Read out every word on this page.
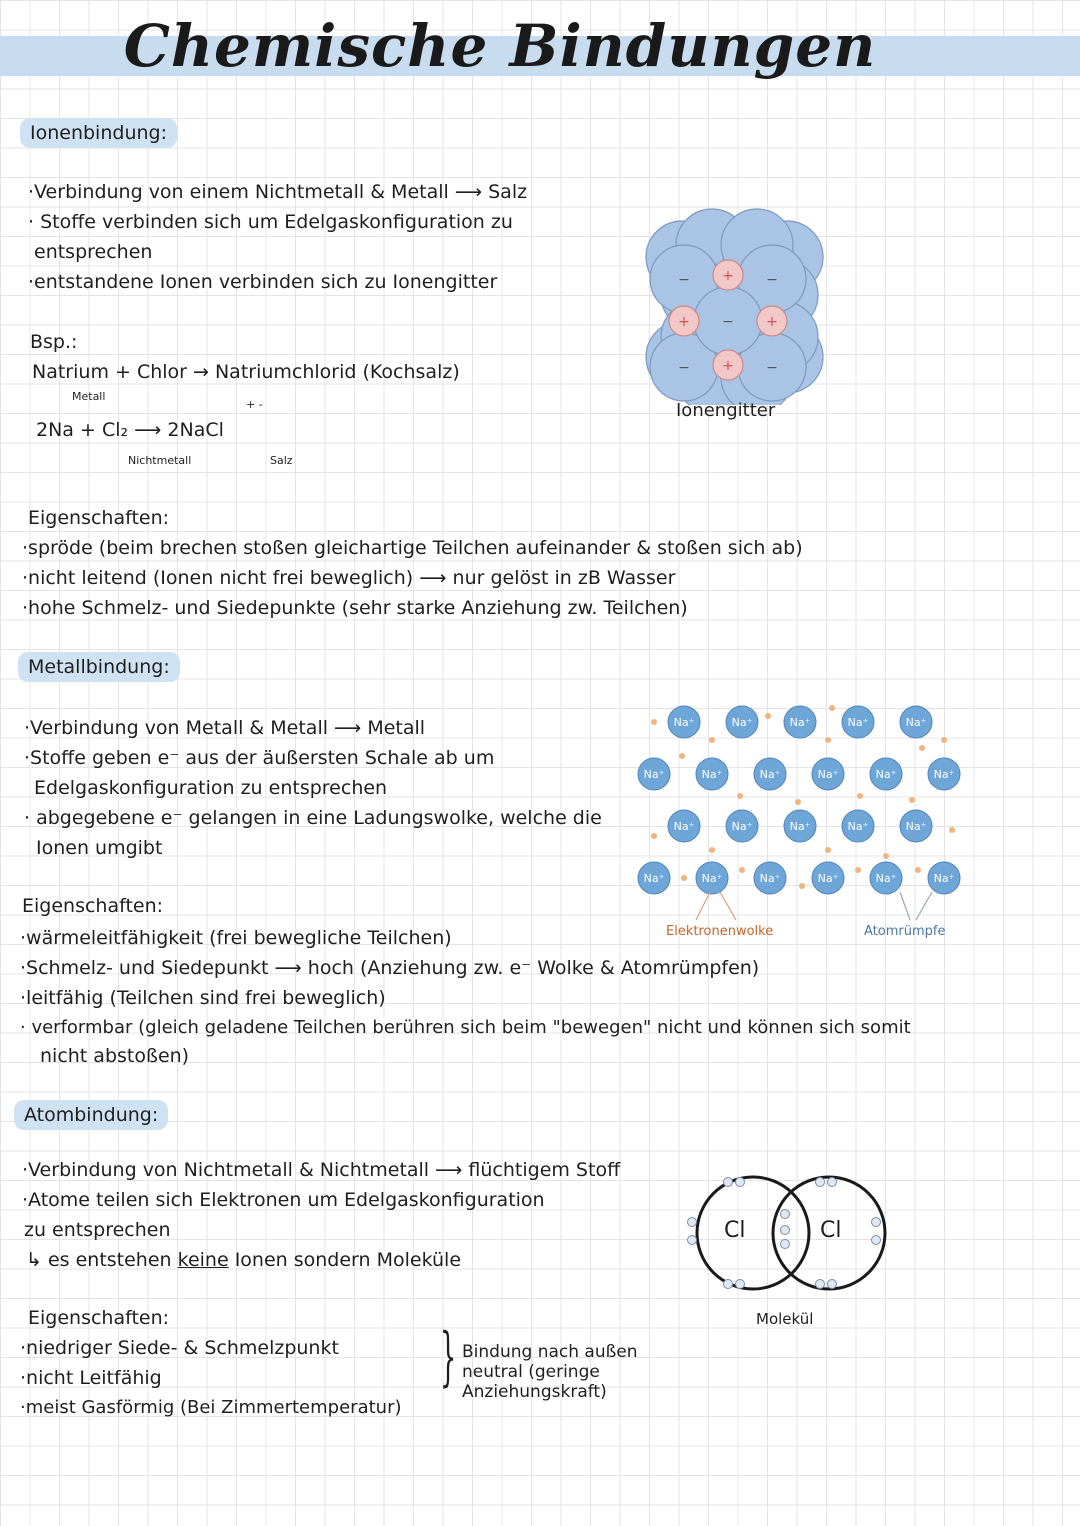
Chemische Bindungen
Ionenbindung:
·Verbindung von einem Nichtmetall & Metall ⟶ Salz
· Stoffe verbinden sich um Edelgaskonfiguration zu
entsprechen
·entstandene Ionen verbinden sich zu Ionengitter
Bsp.:
Natrium + Chlor → Natriumchlorid (Kochsalz)
Metall
+ -
2Na + Cl₂ ⟶ 2NaCl
Nichtmetall	Salz
−	−
−	−
−
+
+	+
+
Ionengitter
Eigenschaften:
·spröde (beim brechen stoßen gleichartige Teilchen aufeinander & stoßen sich ab)
·nicht leitend (Ionen nicht frei beweglich) ⟶ nur gelöst in zB Wasser
·hohe Schmelz- und Siedepunkte (sehr starke Anziehung zw. Teilchen)
Metallbindung:
·Verbindung von Metall & Metall ⟶ Metall
·Stoffe geben e⁻ aus der äußersten Schale ab um
Edelgaskonfiguration zu entsprechen
· abgegebene e⁻ gelangen in eine Ladungswolke, welche die
Ionen umgibt
Na⁺	Na⁺	Na⁺	Na⁺	Na⁺
Na⁺	Na⁺	Na⁺	Na⁺	Na⁺	Na⁺
Na⁺	Na⁺	Na⁺	Na⁺	Na⁺
Na⁺	Na⁺	Na⁺	Na⁺	Na⁺	Na⁺
Elektronenwolke	Atomrümpfe
Eigenschaften:
·wärmeleitfähigkeit (frei bewegliche Teilchen)
·Schmelz- und Siedepunkt ⟶ hoch (Anziehung zw. e⁻ Wolke & Atomrümpfen)
·leitfähig (Teilchen sind frei beweglich)
· verformbar (gleich geladene Teilchen berühren sich beim "bewegen" nicht und können sich somit
nicht abstoßen)
Atombindung:
·Verbindung von Nichtmetall & Nichtmetall ⟶ flüchtigem Stoff
·Atome teilen sich Elektronen um Edelgaskonfiguration
zu entsprechen
↳ es entstehen keine Ionen sondern Moleküle
Cl	Cl
Molekül
Eigenschaften:
·niedriger Siede- & Schmelzpunkt
·nicht Leitfähig
·meist Gasförmig (Bei Zimmertemperatur)
} Bindung nach außen
neutral (geringe
Anziehungskraft)
